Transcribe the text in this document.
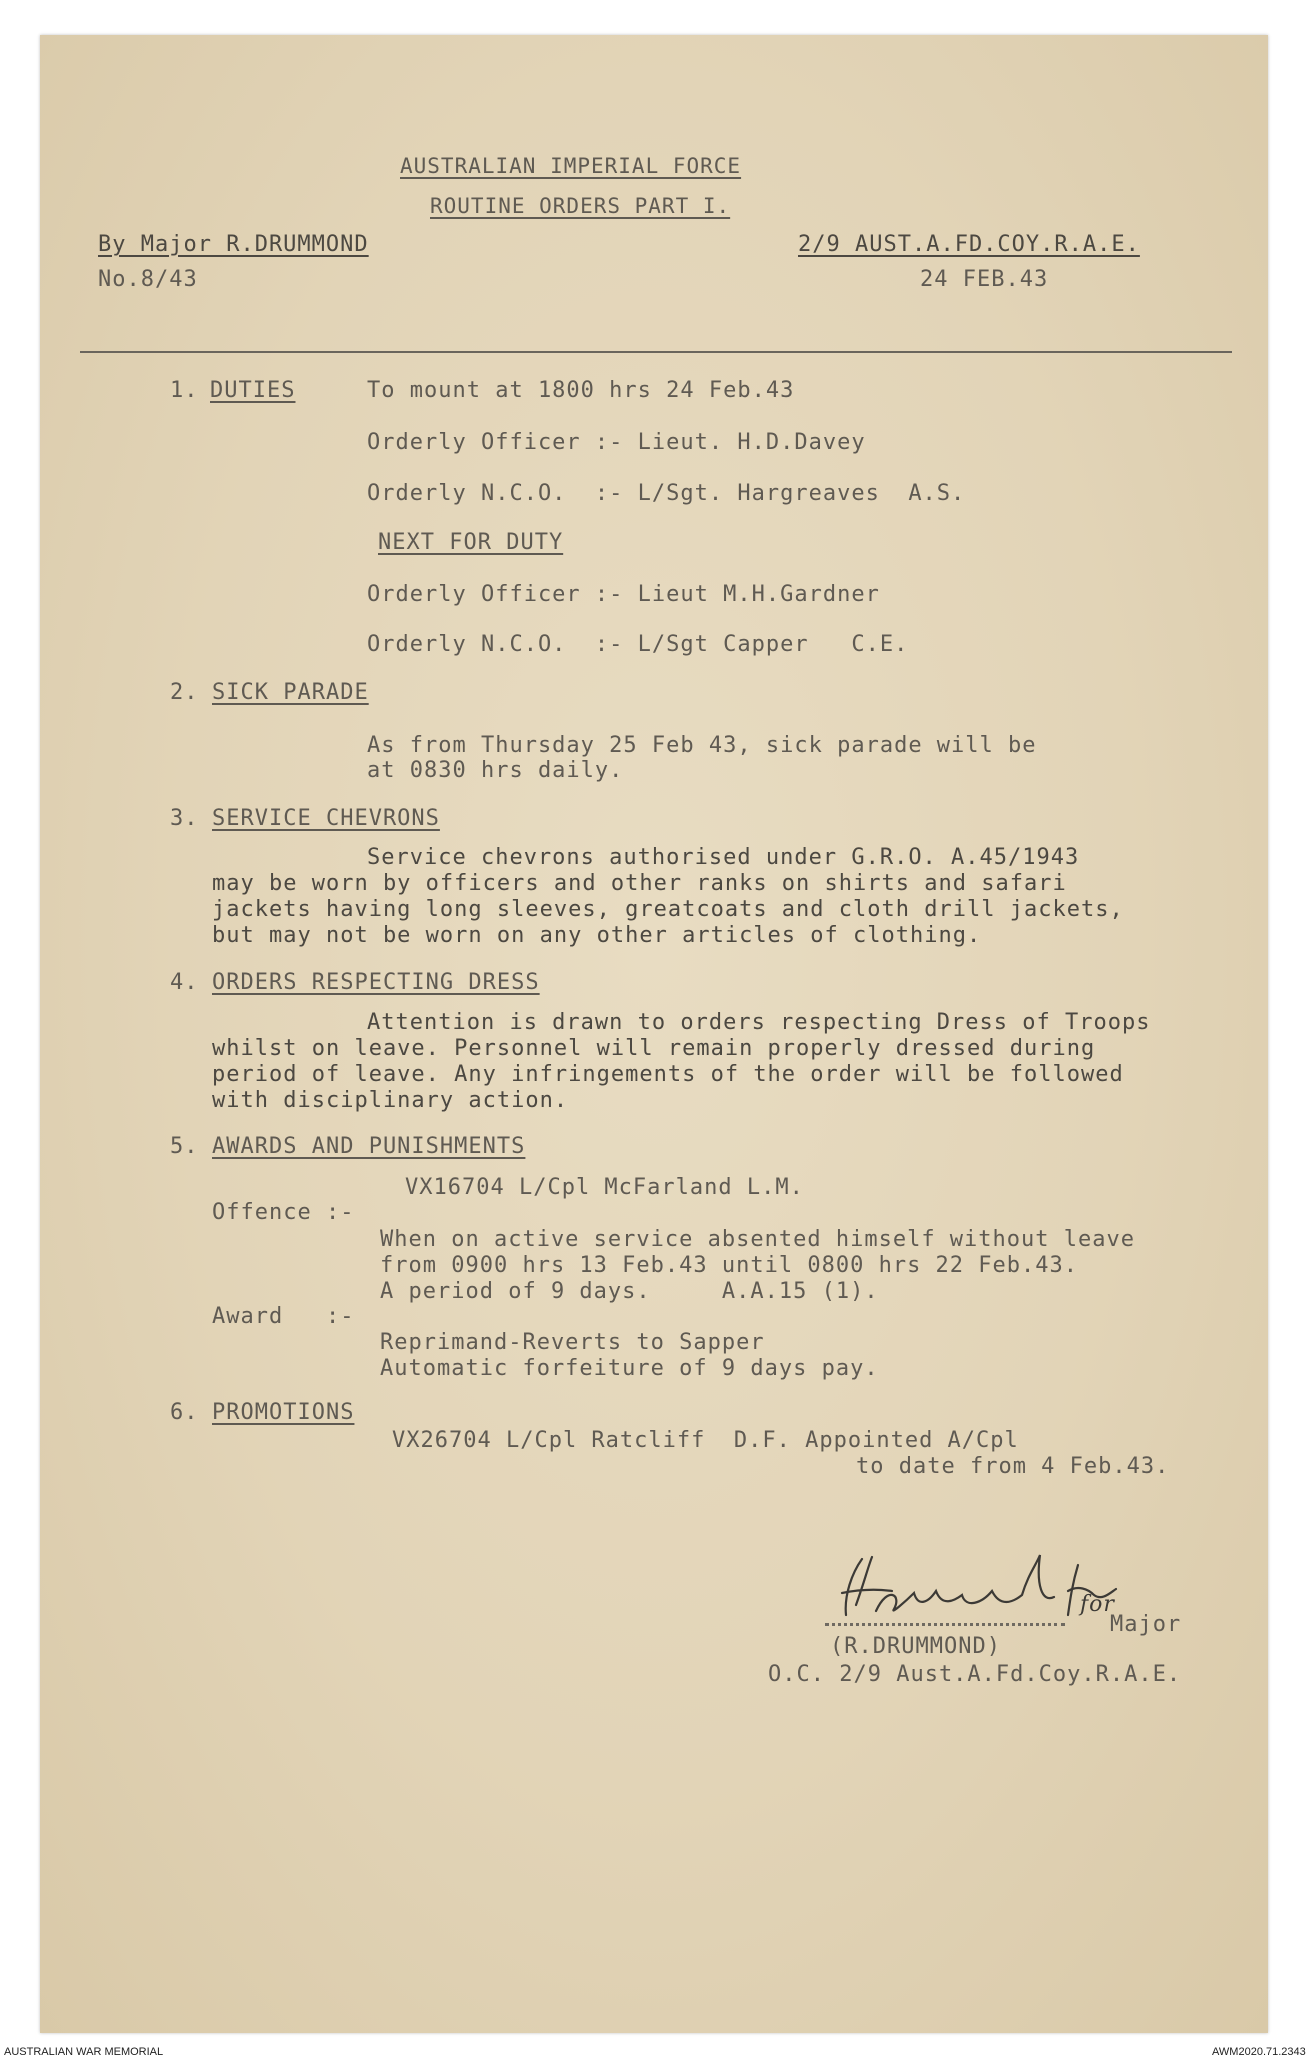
AUSTRALIAN IMPERIAL FORCE
ROUTINE ORDERS PART I.
By Major R.DRUMMOND	2/9 AUST.A.FD.COY.R.A.E.
No.8/43	24 FEB.43
1. DUTIES	To mount at 1800 hrs 24 Feb.43
Orderly Officer :- Lieut. H.D.Davey
Orderly N.C.O.  :- L/Sgt. Hargreaves  A.S.
NEXT FOR DUTY
Orderly Officer :- Lieut M.H.Gardner
Orderly N.C.O.  :- L/Sgt Capper   C.E.
2. SICK PARADE
As from Thursday 25 Feb 43, sick parade will be
at 0830 hrs daily.
3. SERVICE CHEVRONS
Service chevrons authorised under G.R.O. A.45/1943
may be worn by officers and other ranks on shirts and safari
jackets having long sleeves, greatcoats and cloth drill jackets,
but may not be worn on any other articles of clothing.
4. ORDERS RESPECTING DRESS
Attention is drawn to orders respecting Dress of Troops
whilst on leave. Personnel will remain properly dressed during
period of leave. Any infringements of the order will be followed
with disciplinary action.
5. AWARDS AND PUNISHMENTS
VX16704 L/Cpl McFarland L.M.
Offence :-
When on active service absented himself without leave
from 0900 hrs 13 Feb.43 until 0800 hrs 22 Feb.43.
A period of 9 days.     A.A.15 (1).
Award   :-
Reprimand-Reverts to Sapper
Automatic forfeiture of 9 days pay.
6. PROMOTIONS
VX26704 L/Cpl Ratcliff  D.F. Appointed A/Cpl
to date from 4 Feb.43.
for
Major
(R.DRUMMOND)
O.C. 2/9 Aust.A.Fd.Coy.R.A.E.
AUSTRALIAN WAR MEMORIAL	AWM2020.71.2343
